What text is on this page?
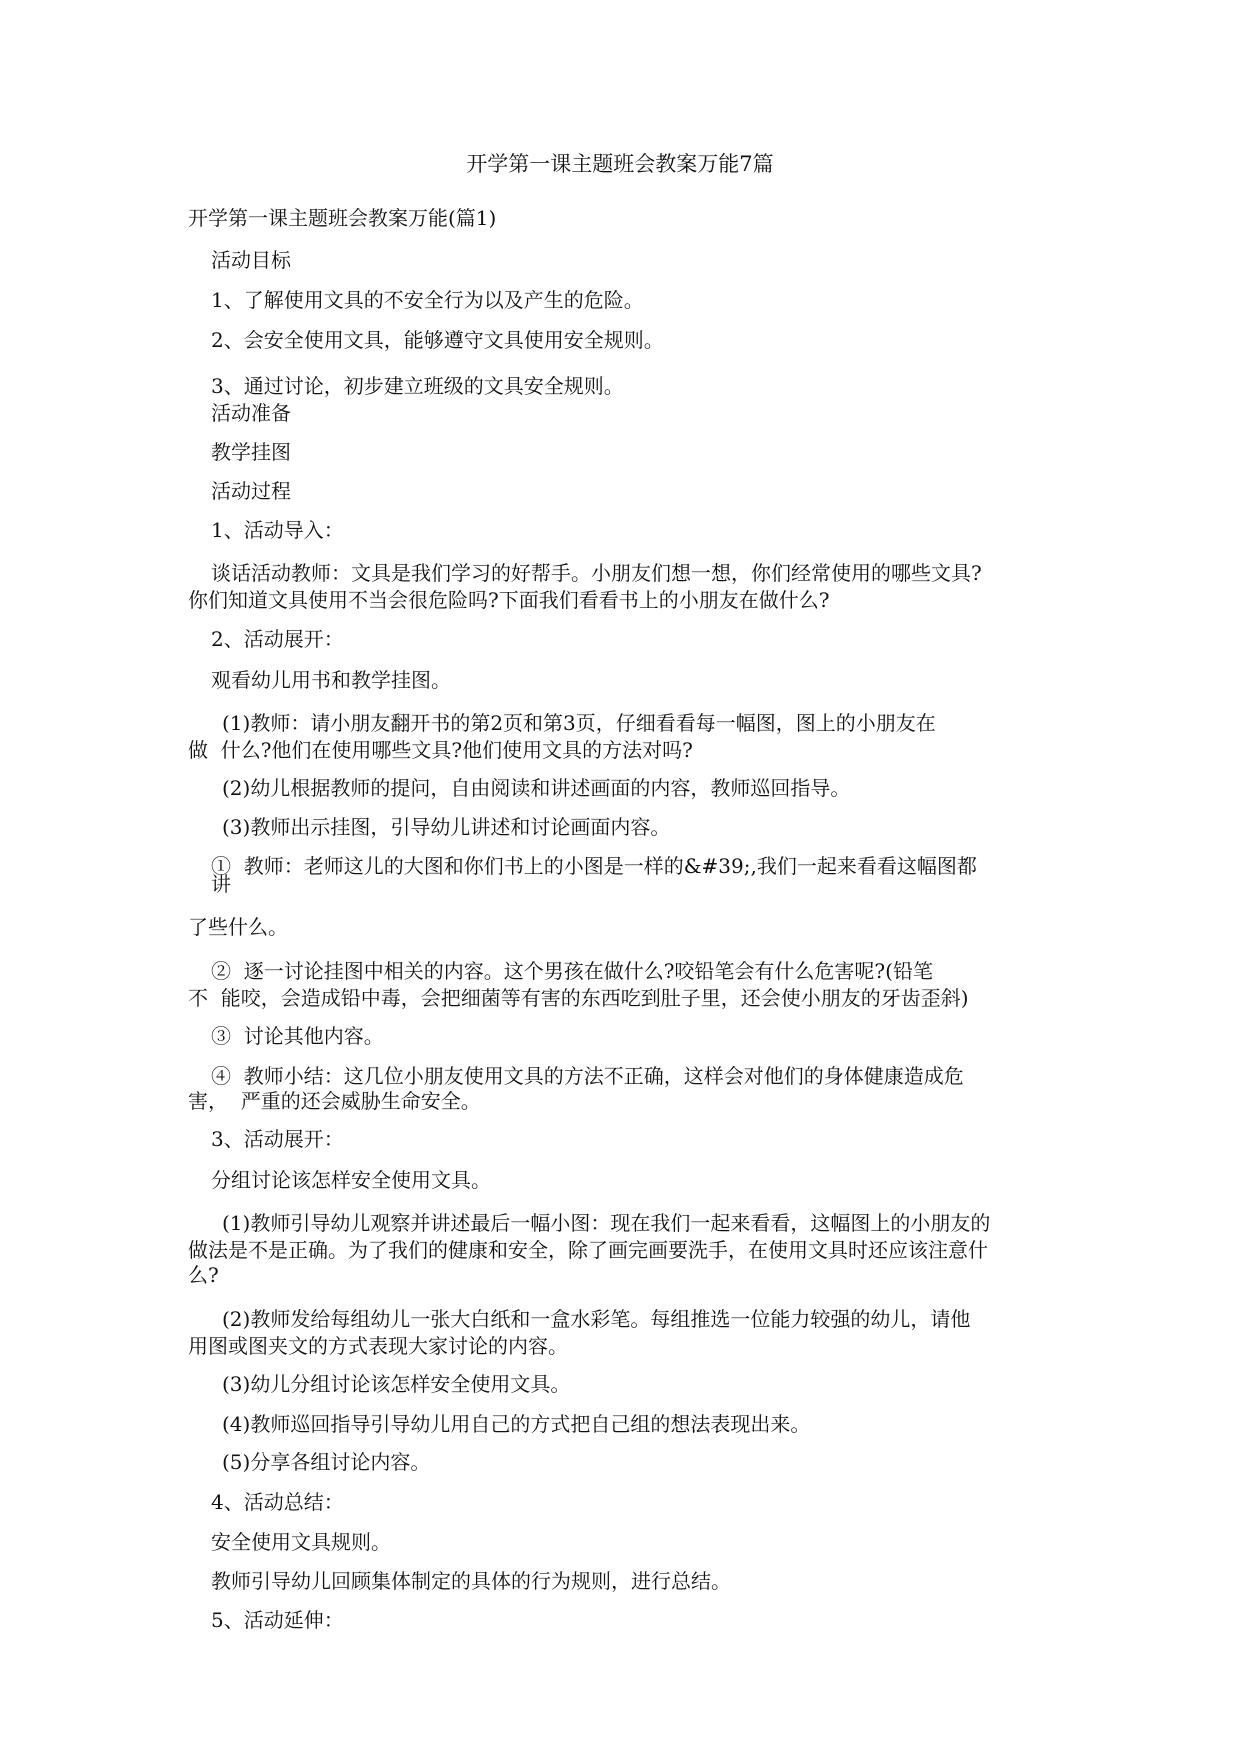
开学第一课主题班会教案万能7篇

开学第一课主题班会教案万能(篇1)

活动目标

1、了解使用文具的不安全行为以及产生的危险。

2、会安全使用文具，能够遵守文具使用安全规则。

3、通过讨论，初步建立班级的文具安全规则。

活动准备

教学挂图

活动过程

1、活动导入：

谈话活动教师：文具是我们学习的好帮手。小朋友们想一想，你们经常使用的哪些文具?

你们知道文具使用不当会很危险吗?下面我们看看书上的小朋友在做什么?

2、活动展开：

观看幼儿用书和教学挂图。

(1)教师：请小朋友翻开书的第2页和第3页，仔细看看每一幅图，图上的小朋友在

做  什么?他们在使用哪些文具?他们使用文具的方法对吗?

(2)幼儿根据教师的提问，自由阅读和讲述画面的内容，教师巡回指导。

(3)教师出示挂图，引导幼儿讲述和讨论画面内容。

①  教师：老师这儿的大图和你们书上的小图是一样的&#39;,我们一起来看看这幅图都

讲

了些什么。

②  逐一讨论挂图中相关的内容。这个男孩在做什么?咬铅笔会有什么危害呢?(铅笔

不  能咬，会造成铅中毒，会把细菌等有害的东西吃到肚子里，还会使小朋友的牙齿歪斜)

③  讨论其他内容。

④  教师小结：这几位小朋友使用文具的方法不正确，这样会对他们的身体健康造成危

害，  严重的还会威胁生命安全。

3、活动展开：

分组讨论该怎样安全使用文具。

(1)教师引导幼儿观察并讲述最后一幅小图：现在我们一起来看看，这幅图上的小朋友的

做法是不是正确。为了我们的健康和安全，除了画完画要洗手，在使用文具时还应该注意什

么?

(2)教师发给每组幼儿一张大白纸和一盒水彩笔。每组推选一位能力较强的幼儿，请他

用图或图夹文的方式表现大家讨论的内容。

(3)幼儿分组讨论该怎样安全使用文具。

(4)教师巡回指导引导幼儿用自己的方式把自己组的想法表现出来。

(5)分享各组讨论内容。

4、活动总结：

安全使用文具规则。

教师引导幼儿回顾集体制定的具体的行为规则，进行总结。

5、活动延伸：
